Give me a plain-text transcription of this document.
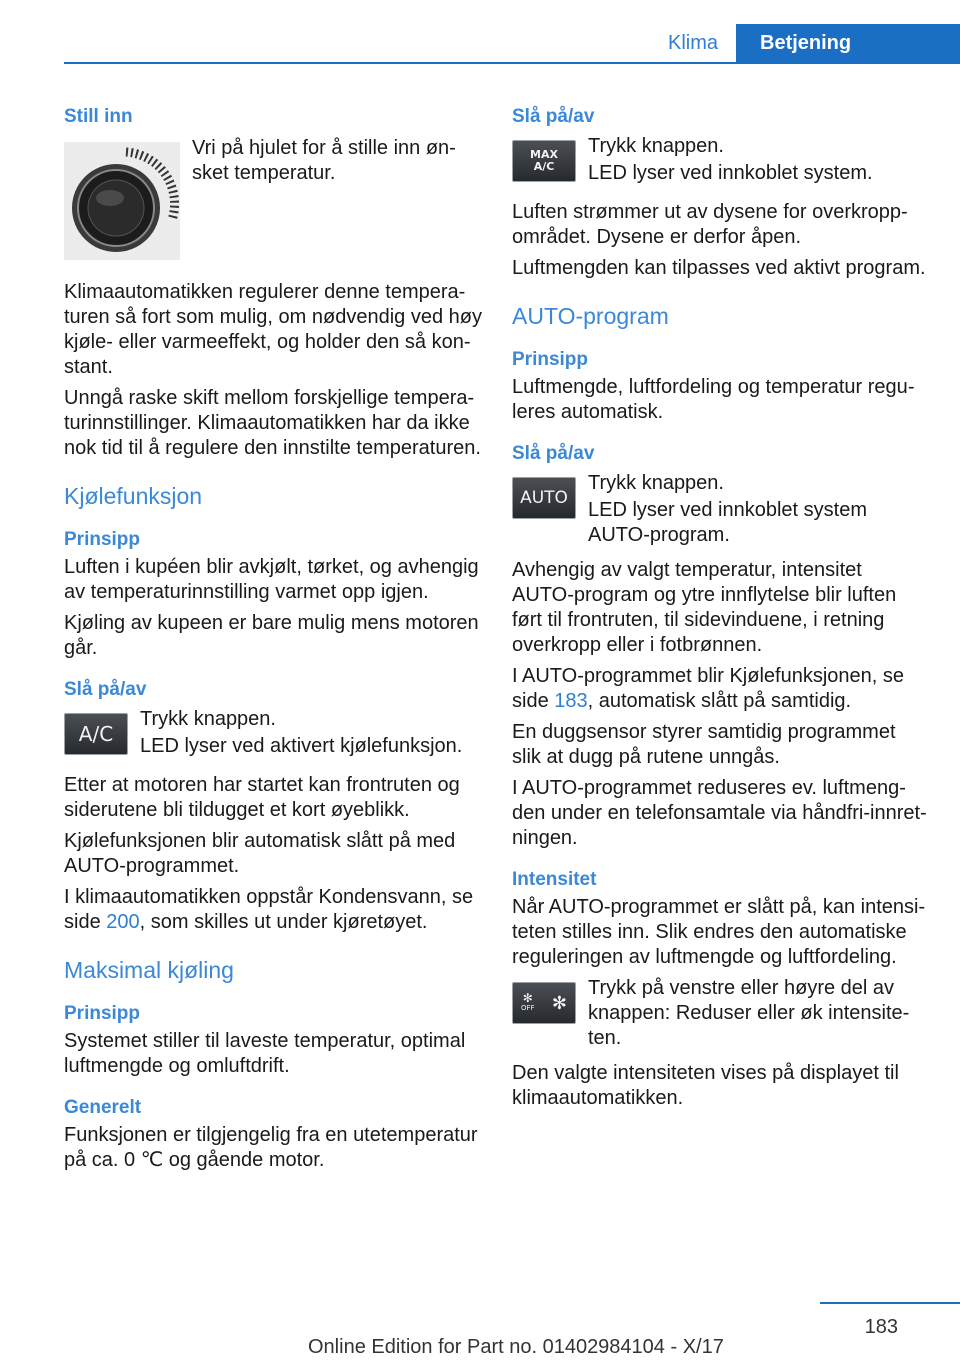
Klima	Betjening
Still inn

Vri på hjulet for å stille inn ønsket temperatur.

Klimaautomatikken regulerer denne temperaturen så fort som mulig, om nødvendig ved høy kjøle- eller varmeeffekt, og holder den så konstant.

Unngå raske skift mellom forskjellige temperaturinnstillinger. Klimaautomatikken har da ikke nok tid til å regulere den innstilte temperaturen.

Kjølefunksjon
Prinsipp

Luften i kupéen blir avkjølt, tørket, og avhengig av temperaturinnstilling varmet opp igjen.

Kjøling av kupeen er bare mulig mens motoren går.

Slå på/av
A/C

Trykk knappen.

LED lyser ved aktivert kjølefunksjon.

Etter at motoren har startet kan frontruten og siderutene bli tildugget et kort øyeblikk.

Kjølefunksjonen blir automatisk slått på med AUTO-programmet.

I klimaautomatikken oppstår Kondensvann, se side 200, som skilles ut under kjøretøyet.

Maksimal kjøling
Prinsipp

Systemet stiller til laveste temperatur, optimal luftmengde og omluftdrift.

Generelt

Funksjonen er tilgjengelig fra en utetemperatur på ca. 0 ℃ og gående motor.

Slå på/av
MAX
A/C

Trykk knappen.

LED lyser ved innkoblet system.

Luften strømmer ut av dysene for overkropp-området. Dysene er derfor åpen.

Luftmengden kan tilpasses ved aktivt program.

AUTO-program
Prinsipp

Luftmengde, luftfordeling og temperatur reguleres automatisk.

Slå på/av
AUTO

Trykk knappen.

LED lyser ved innkoblet system AUTO-program.

Avhengig av valgt temperatur, intensitet AUTO-program og ytre innflytelse blir luften ført til frontruten, til sidevinduene, i retning overkropp eller i fotbrønnen.

I AUTO-programmet blir Kjølefunksjonen, se side 183, automatisk slått på samtidig.

En duggsensor styrer samtidig programmet slik at dugg på rutene unngås.

I AUTO-programmet reduseres ev. luftmengden under en telefonsamtale via håndfri-innretningen.

Intensitet

Når AUTO-programmet er slått på, kan intensiteten stilles inn. Slik endres den automatiske reguleringen av luftmengde og luftfordeling.

✻
OFF ✻

Trykk på venstre eller høyre del av knappen: Reduser eller øk intensiteten.

Den valgte intensiteten vises på displayet til klimaautomatikken.

183
Online Edition for Part no. 01402984104 - X/17
